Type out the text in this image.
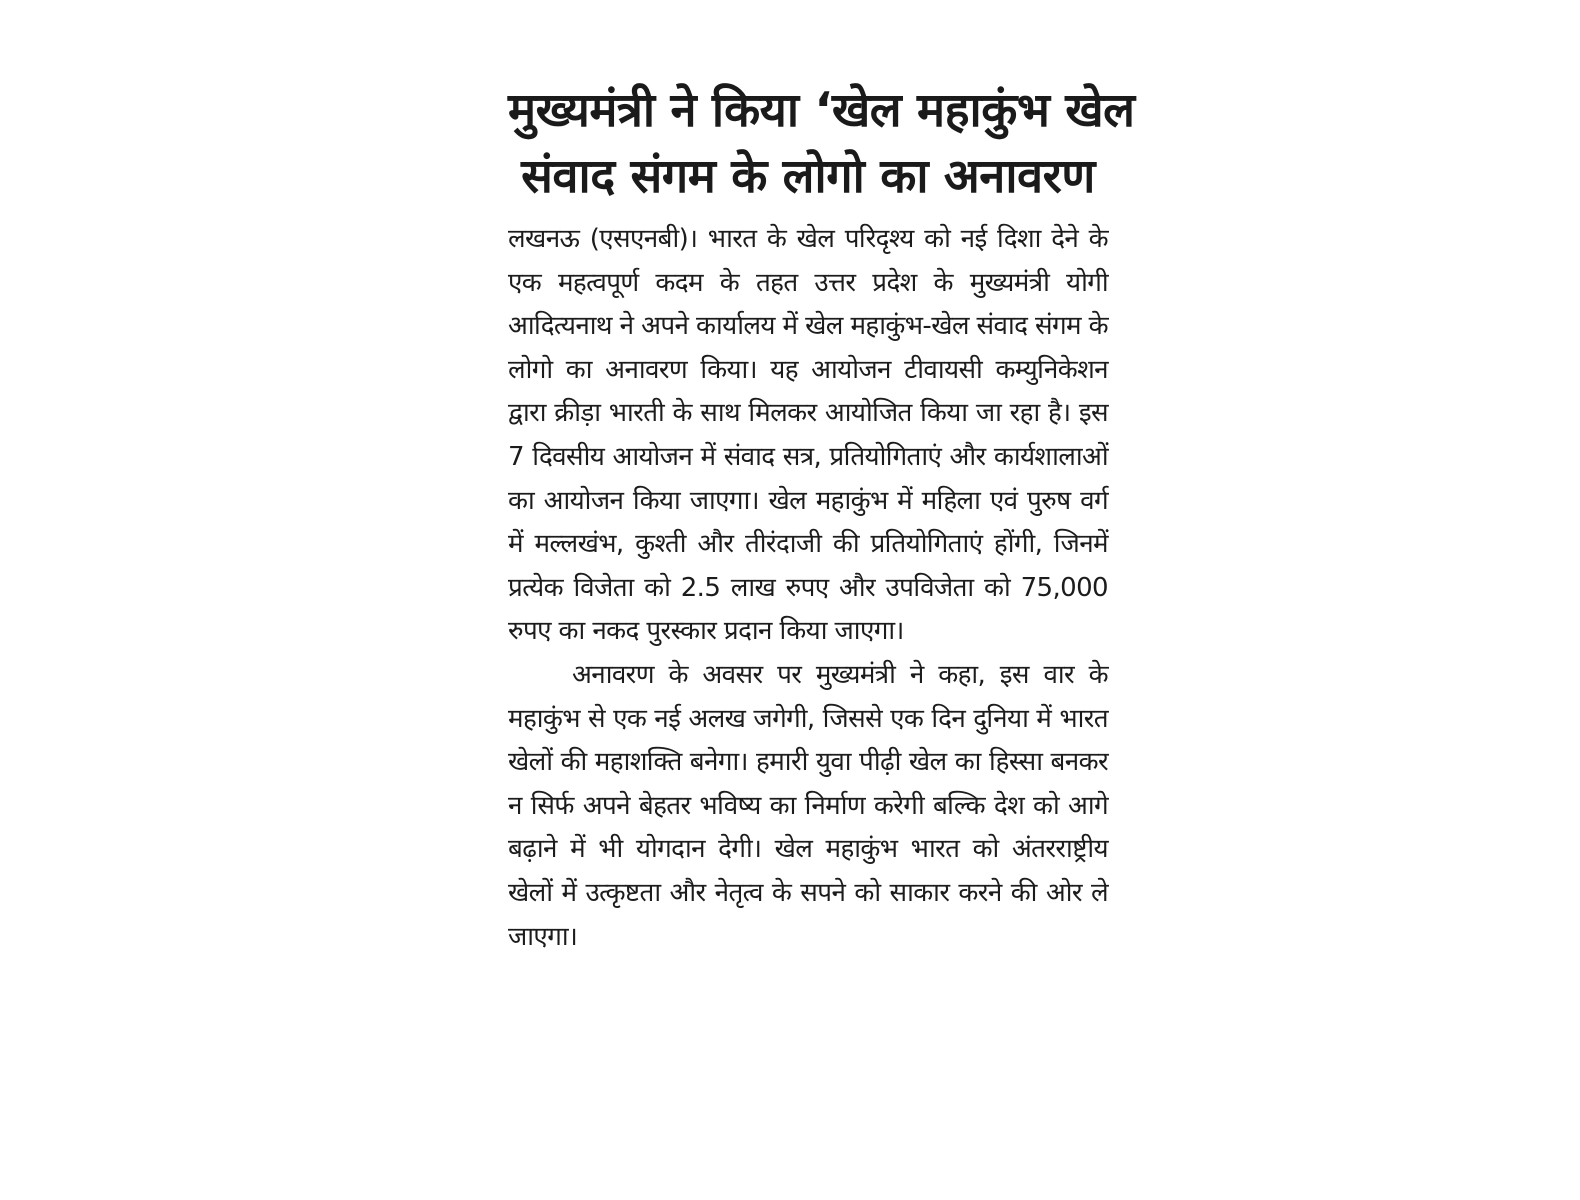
मुख्यमंत्री ने किया ‘खेल महाकुंभ खेल
संवाद संगम के लोगो का अनावरण

लखनऊ (एसएनबी)। भारत के खेल परिदृश्य को नई दिशा देने के एक महत्वपूर्ण कदम के तहत उत्तर प्रदेश के मुख्यमंत्री योगी आदित्यनाथ ने अपने कार्यालय में खेल महाकुंभ-खेल संवाद संगम के लोगो का अनावरण किया। यह आयोजन टीवायसी कम्युनिकेशन द्वारा क्रीड़ा भारती के साथ मिलकर आयोजित किया जा रहा है। इस 7 दिवसीय आयोजन में संवाद सत्र, प्रतियोगिताएं और कार्यशालाओं का आयोजन किया जाएगा। खेल महाकुंभ में महिला एवं पुरुष वर्ग में मल्लखंभ, कुश्ती और तीरंदाजी की प्रतियोगिताएं होंगी, जिनमें प्रत्येक विजेता को 2.5 लाख रुपए और उपविजेता को 75,000 रुपए का नकद पुरस्कार प्रदान किया जाएगा।

अनावरण के अवसर पर मुख्यमंत्री ने कहा, इस वार के महाकुंभ से एक नई अलख जगेगी, जिससे एक दिन दुनिया में भारत खेलों की महाशक्ति बनेगा। हमारी युवा पीढ़ी खेल का हिस्सा बनकर न सिर्फ अपने बेहतर भविष्य का निर्माण करेगी बल्कि देश को आगे बढ़ाने में भी योगदान देगी। खेल महाकुंभ भारत को अंतरराष्ट्रीय खेलों में उत्कृष्टता और नेतृत्व के सपने को साकार करने की ओर ले जाएगा।
